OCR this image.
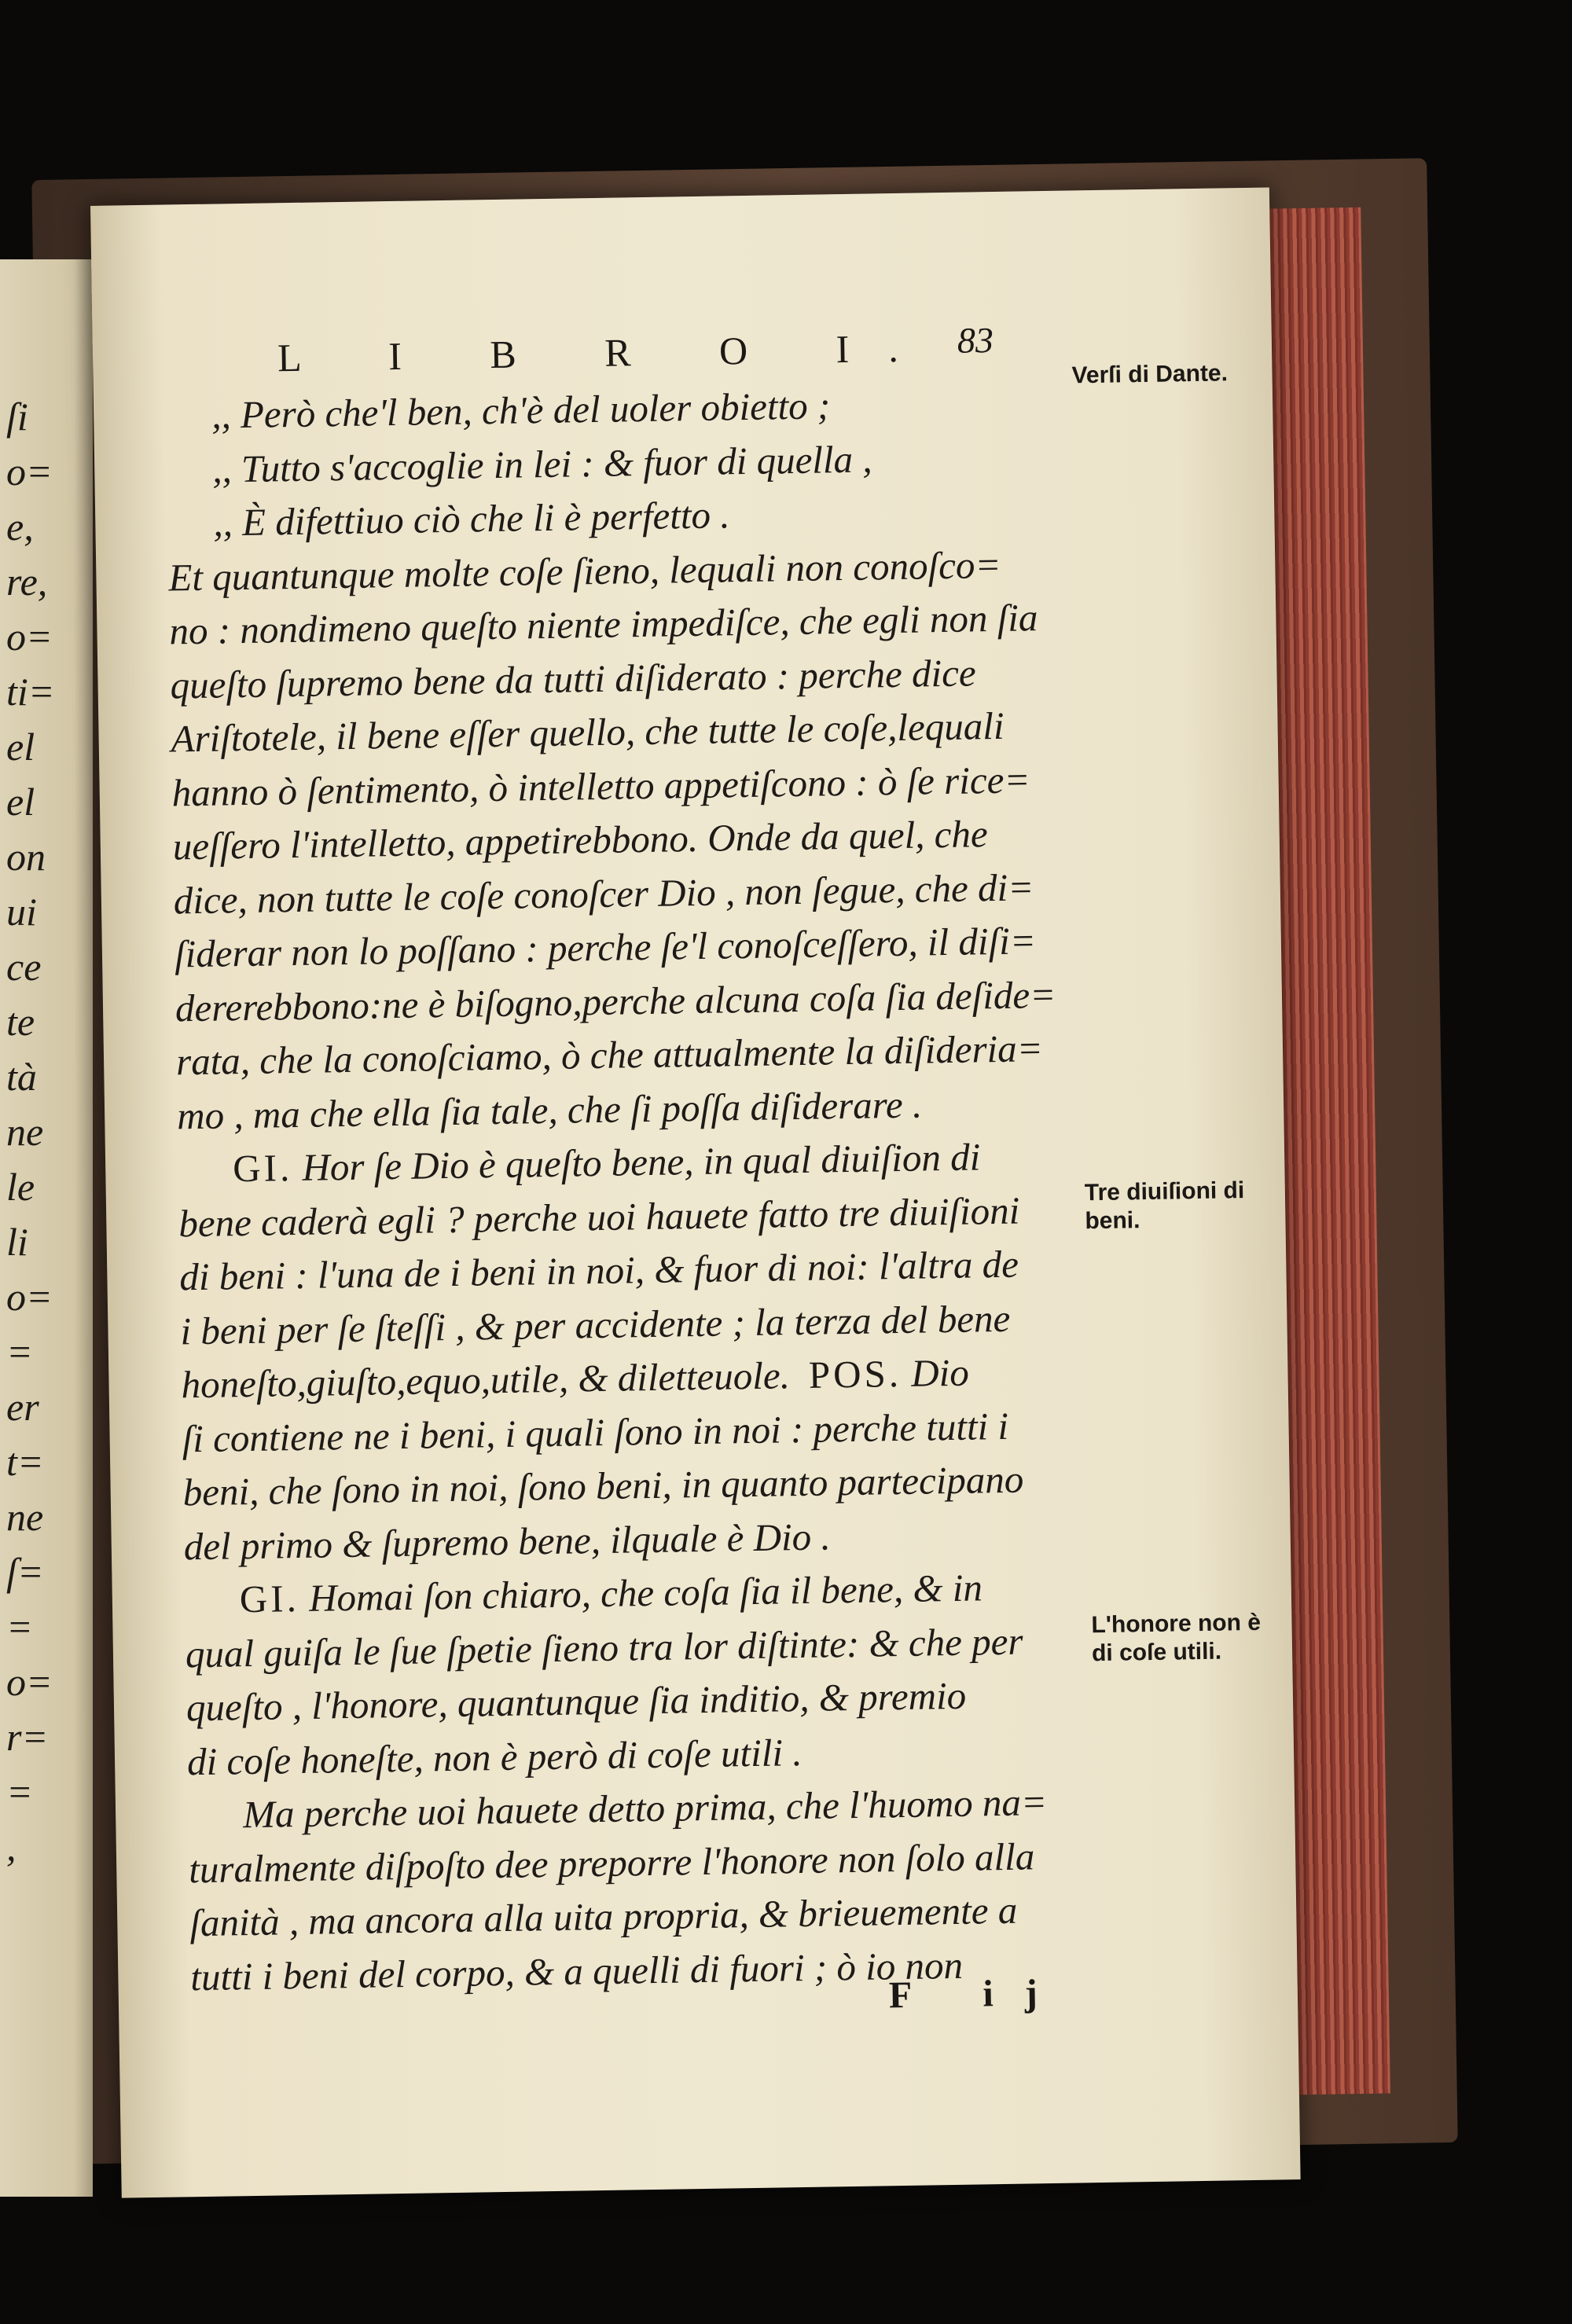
ſi
o=
e,
re,
o=
ti=
el
el
on
ui
ce
te
tà
ne
le
li
o=
=
er
t=
ne
ſ=
=
o=
r=
=
,
L I B R O I. 83
,, Però che'l ben, ch'è del uoler obietto ;
,, Tutto s'accoglie in lei : & fuor di quella ,
,, È difettiuo ciò che li è perfetto .
Et quantunque molte coſe ſieno, lequali non conoſco=
no : nondimeno queſto niente impediſce, che egli non ſia
queſto ſupremo bene da tutti diſiderato : perche dice
Ariſtotele, il bene eſſer quello, che tutte le coſe,lequali
hanno ò ſentimento, ò intelletto appetiſcono : ò ſe rice=
ueſſero l'intelletto, appetirebbono. Onde da quel, che
dice, non tutte le coſe conoſcer Dio , non ſegue, che di=
ſiderar non lo poſſano : perche ſe'l conoſceſſero, il diſi=
dererebbono:ne è biſogno,perche alcuna coſa ſia deſide=
rata, che la conoſciamo, ò che attualmente la diſideria=
mo , ma che ella ſia tale, che ſi poſſa diſiderare .
GI. Hor ſe Dio è queſto bene, in qual diuiſion di
bene caderà egli ? perche uoi hauete fatto tre diuiſioni
di beni : l'una de i beni in noi, & fuor di noi: l'altra de
i beni per ſe ſteſſi , & per accidente ; la terza del bene
honeſto,giuſto,equo,utile, & diletteuole. POS. Dio
ſi contiene ne i beni, i quali ſono in noi : perche tutti i
beni, che ſono in noi, ſono beni, in quanto partecipano
del primo & ſupremo bene, ilquale è Dio .
GI. Homai ſon chiaro, che coſa ſia il bene, & in
qual guiſa le ſue ſpetie ſieno tra lor diſtinte: & che per
queſto , l'honore, quantunque ſia inditio, & premio
di coſe honeſte, non è però di coſe utili .
Ma perche uoi hauete detto prima, che l'huomo na=
turalmente diſpoſto dee preporre l'honore non ſolo alla
ſanità , ma ancora alla uita propria, & brieuemente a
tutti i beni del corpo, & a quelli di fuori ; ò io non
Verſi di Dante.
Tre diuiſioni di beni.
L'honore non è di coſe utili.
F ij
